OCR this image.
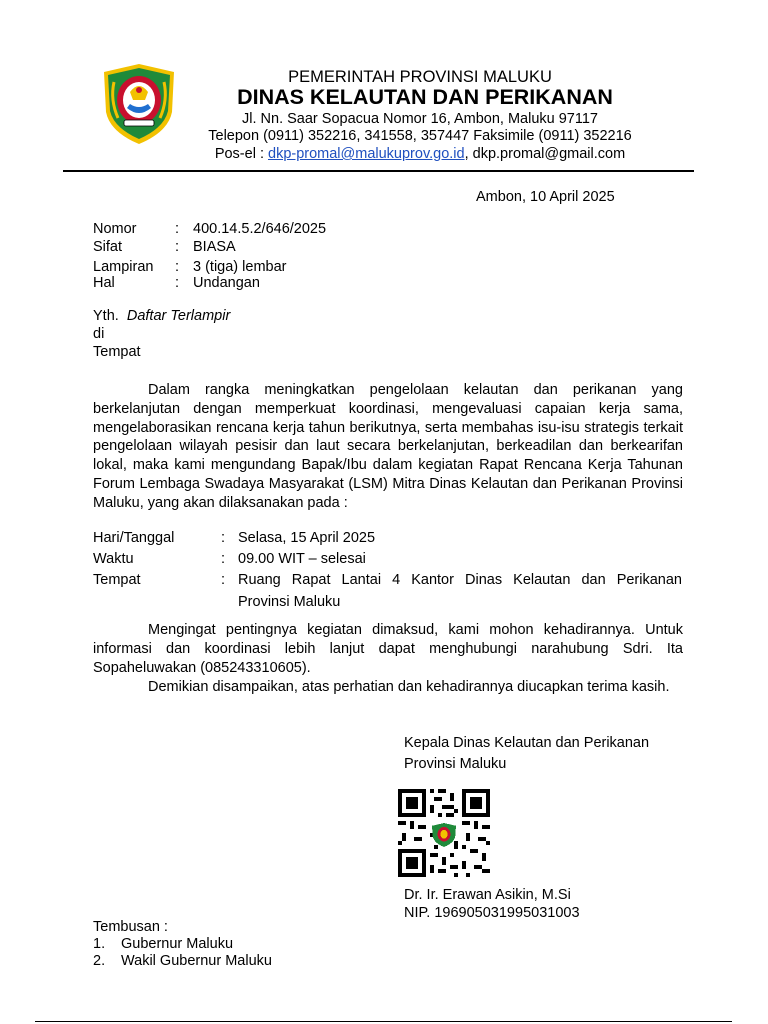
PEMERINTAH PROVINSI MALUKU
DINAS KELAUTAN DAN PERIKANAN
Jl. Nn. Saar Sopacua Nomor 16, Ambon, Maluku 97117
Telepon (0911) 352216, 341558, 357447 Faksimile (0911) 352216
Pos-el : dkp-promal@malukuprov.go.id, dkp.promal@gmail.com
Ambon, 10 April 2025
Nomor	: 400.14.5.2/646/2025
Sifat	: BIASA
Lampiran : 3 (tiga) lembar
Hal	: Undangan
Yth. Daftar Terlampir
di
Tempat

Dalam rangka meningkatkan pengelolaan kelautan dan perikanan yang berkelanjutan dengan memperkuat koordinasi, mengevaluasi capaian kerja sama, mengelaborasikan rencana kerja tahun berikutnya, serta membahas isu-isu strategis terkait pengelolaan wilayah pesisir dan laut secara berkelanjutan, berkeadilan dan berkearifan lokal, maka kami mengundang Bapak/Ibu dalam kegiatan Rapat Rencana Kerja Tahunan Forum Lembaga Swadaya Masyarakat (LSM) Mitra Dinas Kelautan dan Perikanan Provinsi Maluku, yang akan dilaksanakan pada :

Hari/Tanggal	: Selasa, 15 April 2025
Waktu	: 09.00 WIT – selesai
Tempat	: Ruang Rapat Lantai 4 Kantor Dinas Kelautan dan Perikanan
Provinsi Maluku

Mengingat pentingnya kegiatan dimaksud, kami mohon kehadirannya. Untuk informasi dan koordinasi lebih lanjut dapat menghubungi narahubung Sdri. Ita Sopaheluwakan (085243310605).

Demikian disampaikan, atas perhatian dan kehadirannya diucapkan terima kasih.

Kepala Dinas Kelautan dan Perikanan
Provinsi Maluku
Dr. Ir. Erawan Asikin, M.Si
NIP. 196905031995031003
Tembusan :
1. Gubernur Maluku
2. Wakil Gubernur Maluku
